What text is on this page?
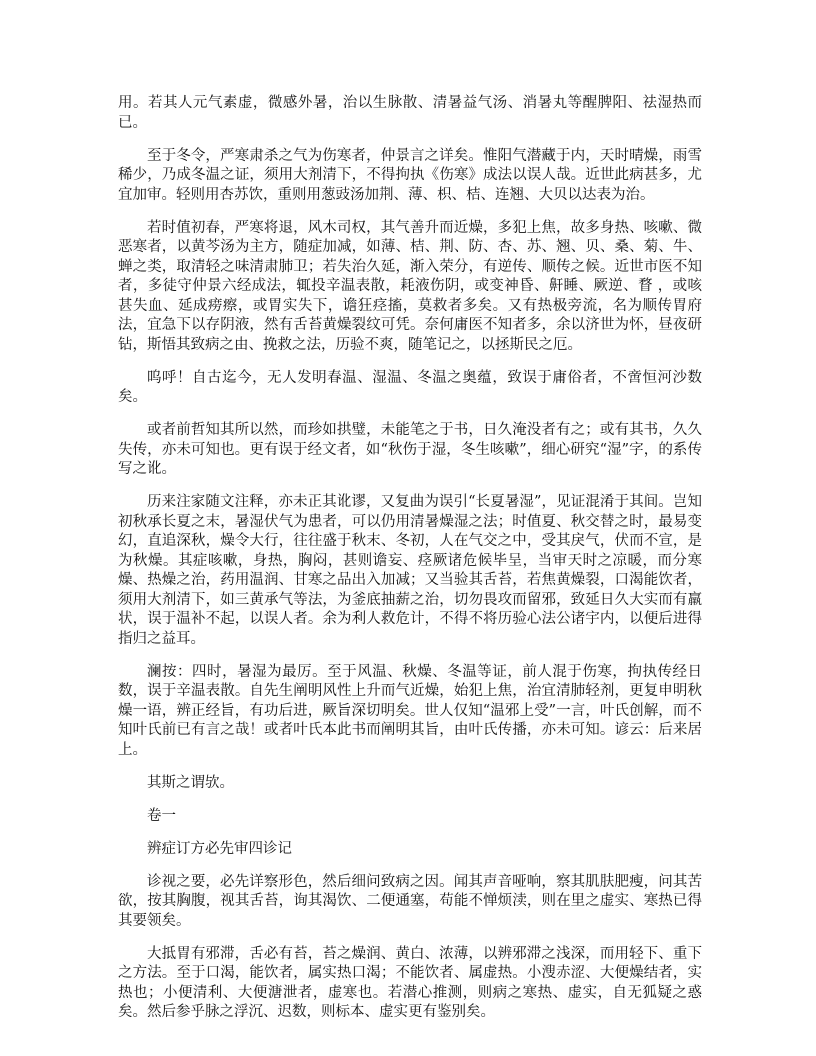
用。若其人元气素虚，微感外暑，治以生脉散、清暑益气汤、消暑丸等醒脾阳、祛湿热而已。

至于冬令，严寒肃杀之气为伤寒者，仲景言之详矣。惟阳气潜藏于内，天时晴燥，雨雪稀少，乃成冬温之证，须用大剂清下，不得拘执《伤寒》成法以误人哉。近世此病甚多，尤宜加审。轻则用杏苏饮，重则用葱豉汤加荆、薄、枳、桔、连翘、大贝以达表为治。

若时值初春，严寒将退，风木司权，其气善升而近燥，多犯上焦，故多身热、咳嗽、微恶寒者，以黄芩汤为主方，随症加减，如薄、桔、荆、防、杏、苏、翘、贝、桑、菊、牛、蝉之类，取清轻之味清肃肺卫；若失治久延，渐入荣分，有逆传、顺传之候。近世市医不知者，多徒守仲景六经成法，辄投辛温表散，耗液伤阴，或变神昏、鼾睡、厥逆、瞀 ，或咳甚失血、延成痨瘵，或胃实失下，谵狂痉搐，莫救者多矣。又有热极旁流，名为顺传胃府法，宜急下以存阴液，然有舌苔黄燥裂纹可凭。奈何庸医不知者多，余以济世为怀，昼夜研钻，斯悟其致病之由、挽救之法，历验不爽，随笔记之，以拯斯民之厄。

呜呼！自古迄今，无人发明春温、湿温、冬温之奥蕴，致误于庸俗者，不啻恒河沙数矣。

或者前哲知其所以然，而珍如拱璧，未能笔之于书，日久淹没者有之；或有其书，久久失传，亦未可知也。更有误于经文者，如“秋伤于湿，冬生咳嗽”，细心研究“湿”字，的系传写之讹。

历来注家随文注释，亦未正其讹谬，又复曲为误引“长夏暑湿”，见证混淆于其间。岂知初秋承长夏之末，暑湿伏气为患者，可以仍用清暑燥湿之法；时值夏、秋交替之时，最易变幻，直追深秋，燥令大行，往往盛于秋末、冬初，人在气交之中，受其戾气，伏而不宣，是为秋燥。其症咳嗽，身热，胸闷，甚则谵妄、痉厥诸危候毕呈，当审天时之凉暖，而分寒燥、热燥之治，药用温润、甘寒之品出入加减；又当验其舌苔，若焦黄燥裂，口渴能饮者，须用大剂清下，如三黄承气等法，为釜底抽薪之治，切勿畏攻而留邪，致延日久大实而有羸状，误于温补不起，以误人者。余为利人救危计，不得不将历验心法公诸宇内，以便后进得指归之益耳。

澜按：四时，暑湿为最厉。至于风温、秋燥、冬温等证，前人混于伤寒，拘执传经日数，误于辛温表散。自先生阐明风性上升而气近燥，始犯上焦，治宜清肺轻剂，更复申明秋燥一语，辨正经旨，有功后进，厥旨深切明矣。世人仅知“温邪上受”一言，叶氏创解，而不知叶氏前已有言之哉！或者叶氏本此书而阐明其旨，由叶氏传播，亦未可知。谚云：后来居上。

其斯之谓欤。

卷一

辨症订方必先审四诊记

诊视之要，必先详察形色，然后细问致病之因。闻其声音哑响，察其肌肤肥瘦，问其苦欲，按其胸腹，视其舌苔，询其渴饮、二便通塞，苟能不惮烦渎，则在里之虚实、寒热已得其要领矣。

大抵胃有邪滞，舌必有苔，苔之燥润、黄白、浓薄，以辨邪滞之浅深，而用轻下、重下之方法。至于口渴，能饮者，属实热口渴；不能饮者、属虚热。小溲赤涩、大便燥结者，实热也；小便清利、大便溏泄者，虚寒也。若潜心推测，则病之寒热、虚实，自无狐疑之惑矣。然后参乎脉之浮沉、迟数，则标本、虚实更有鉴别矣。
